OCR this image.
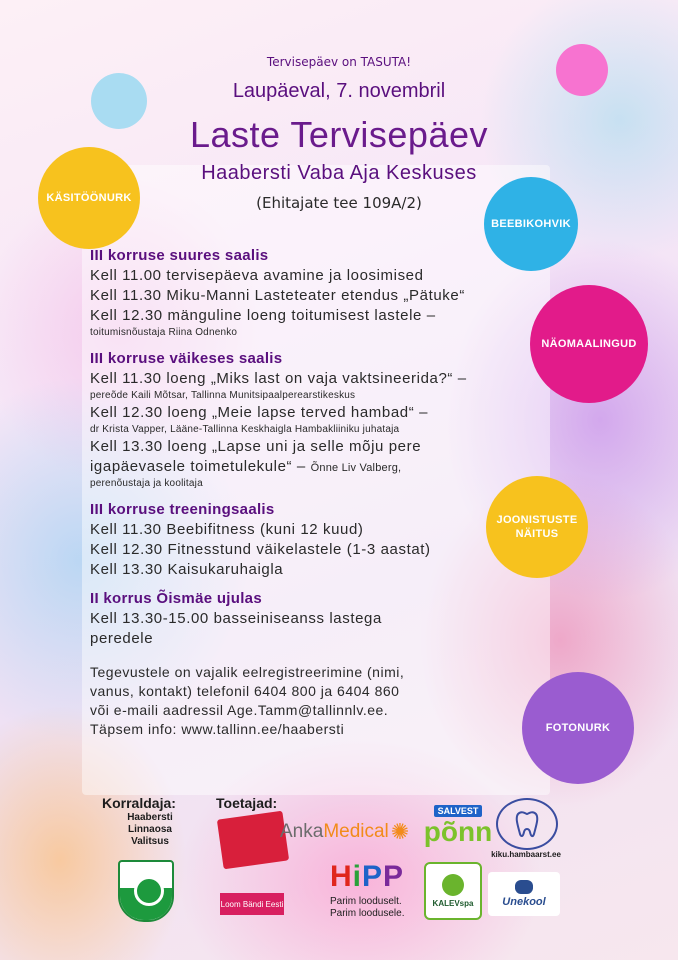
KÄSITÖÖNURK
BEEBIKOHVIK
NÄOMAALINGUD
JOONISTUSTE
NÄITUS
FOTONURK
Tervisepäev on TASUTA!
Laupäeval, 7. novembril
Laste Tervisepäev
Haabersti Vaba Aja Keskuses
(Ehitajate tee 109A/2)
III korruse suures saalis
Kell 11.00 tervisepäeva avamine ja loosimised
Kell 11.30 Miku-Manni Lasteteater etendus „Pätuke“
Kell 12.30 mänguline loeng toitumisest lastele –
toitumisnõustaja Riina Odnenko
III korruse väikeses saalis
Kell 11.30 loeng „Miks last on vaja vaktsineerida?“ –
pereõde Kaili Mõtsar, Tallinna Munitsipaalperearstikeskus
Kell 12.30 loeng „Meie lapse terved hambad“ –
dr Krista Vapper, Lääne-Tallinna Keskhaigla Hambakliiniku juhataja
Kell 13.30 loeng „Lapse uni ja selle mõju pere
igapäevasele toimetulekule“ – Õnne Liv Valberg,
perenõustaja ja koolitaja
III korruse treeningsaalis
Kell 11.30 Beebifitness (kuni 12 kuud)
Kell 12.30 Fitnesstund väikelastele (1-3 aastat)
Kell 13.30 Kaisukaruhaigla
II korrus Õismäe ujulas
Kell 13.30-15.00 basseiniseanss lastega
peredele
Tegevustele on vajalik eelregistreerimine (nimi,
vanus, kontakt) telefonil 6404 800 ja 6404 860
või e-maili aadressil Age.Tamm@tallinnlv.ee.
Täpsem info: www.tallinn.ee/haabersti
Korraldaja:	Toetajad:
Haabersti
Linnaosa
Valitsus	Anka Medical ✺
SALVEST
põnn
kiku.hambaarst.ee
Loom Bändi Eesti
H i P P
Parim looduselt.
Parim loodusele.
KALEVspa	Unekool
